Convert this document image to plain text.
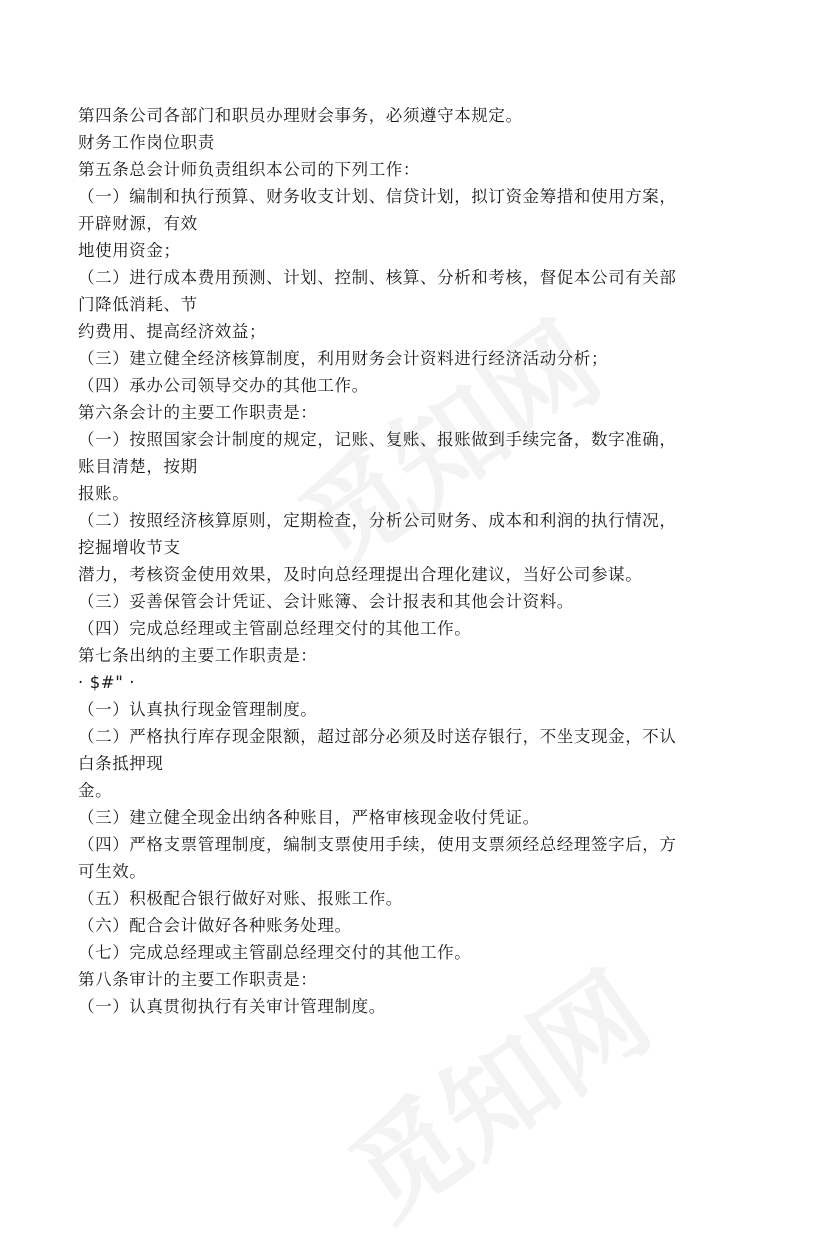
第四条公司各部门和职员办理财会事务，必须遵守本规定。
财务工作岗位职责
第五条总会计师负责组织本公司的下列工作：
（一）编制和执行预算、财务收支计划、信贷计划，拟订资金筹措和使用方案，
开辟财源，有效
地使用资金；
（二）进行成本费用预测、计划、控制、核算、分析和考核，督促本公司有关部
门降低消耗、节
约费用、提高经济效益；
（三）建立健全经济核算制度，利用财务会计资料进行经济活动分析；
（四）承办公司领导交办的其他工作。
第六条会计的主要工作职责是：
（一）按照国家会计制度的规定，记账、复账、报账做到手续完备，数字准确，
账目清楚，按期
报账。
（二）按照经济核算原则，定期检查，分析公司财务、成本和利润的执行情况，
挖掘增收节支
潜力，考核资金使用效果，及时向总经理提出合理化建议，当好公司参谋。
（三）妥善保管会计凭证、会计账簿、会计报表和其他会计资料。
（四）完成总经理或主管副总经理交付的其他工作。
第七条出纳的主要工作职责是：
· $#" ·
（一）认真执行现金管理制度。
（二）严格执行库存现金限额，超过部分必须及时送存银行，不坐支现金，不认
白条抵押现
金。
（三）建立健全现金出纳各种账目，严格审核现金收付凭证。
（四）严格支票管理制度，编制支票使用手续，使用支票须经总经理签字后，方
可生效。
（五）积极配合银行做好对账、报账工作。
（六）配合会计做好各种账务处理。
（七）完成总经理或主管副总经理交付的其他工作。
第八条审计的主要工作职责是：
（一）认真贯彻执行有关审计管理制度。
